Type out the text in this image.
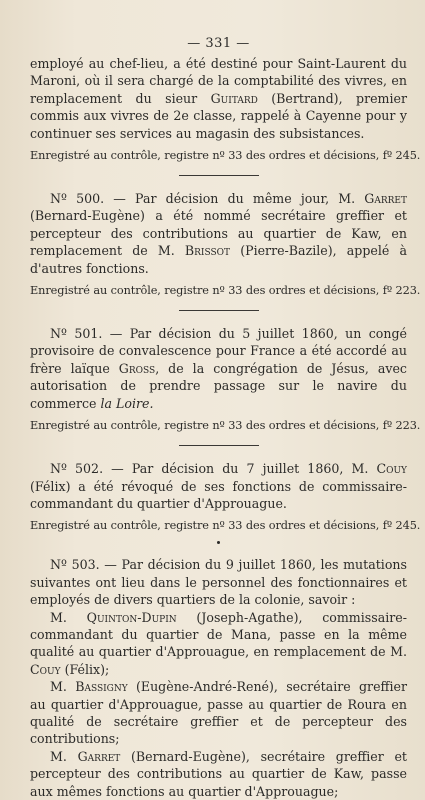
— 331 —

employé au chef-lieu, a été destiné pour Saint-Laurent du Maroni, où il sera chargé de la comptabilité des vivres, en remplacement du sieur Guitard (Bertrand), premier commis aux vivres de 2e classe, rappelé à Cayenne pour y continuer ses services au magasin des subsistances.

Enregistré au contrôle, registre nº 33 des ordres et décisions, fº 245.

Nº 500. — Par décision du même jour, M. Garret (Bernard-Eugène) a été nommé secrétaire greffier et percepteur des contributions au quartier de Kaw, en remplacement de M. Brissot (Pierre-Bazile), appelé à d'autres fonctions.

Enregistré au contrôle, registre nº 33 des ordres et décisions, fº 223.

Nº 501. — Par décision du 5 juillet 1860, un congé provisoire de convalescence pour France a été accordé au frère laïque Gross, de la congrégation de Jésus, avec autorisation de prendre passage sur le navire du commerce la Loire.

Enregistré au contrôle, registre nº 33 des ordres et décisions, fº 223.

Nº 502. — Par décision du 7 juillet 1860, M. Couy (Félix) a été révoqué de ses fonctions de commissaire-commandant du quartier d'Approuague.

Enregistré au contrôle, registre nº 33 des ordres et décisions, fº 245.

Nº 503. — Par décision du 9 juillet 1860, les mutations suivantes ont lieu dans le personnel des fonctionnaires et employés de divers quartiers de la colonie, savoir :

M. Quinton-Dupin (Joseph-Agathe), commissaire-commandant du quartier de Mana, passe en la même qualité au quartier d'Approuague, en remplacement de M. Couy (Félix);

M. Bassigny (Eugène-André-René), secrétaire greffier au quartier d'Approuague, passe au quartier de Roura en qualité de secrétaire greffier et de percepteur des contributions;

M. Garret (Bernard-Eugène), secrétaire greffier et percepteur des contributions au quartier de Kaw, passe aux mêmes fonctions au quartier d'Approuague;
